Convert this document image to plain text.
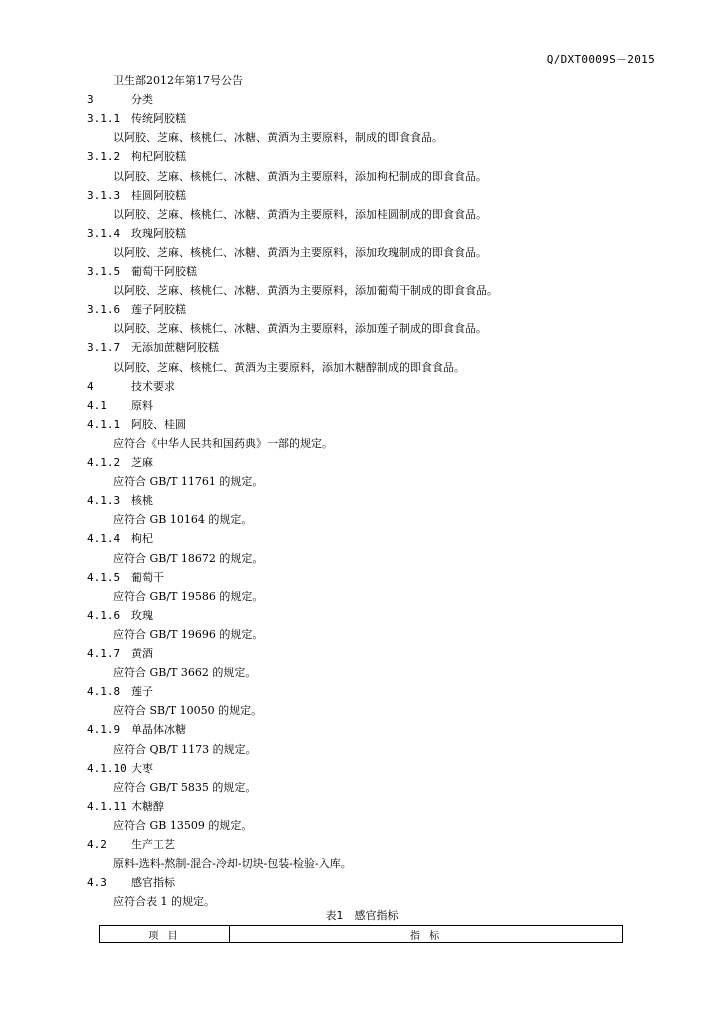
Q/DXT0009S－2015
卫生部2012年第17号公告
3	分类
3.1.1 传统阿胶糕
以阿胶、芝麻、核桃仁、冰糖、黄酒为主要原料，制成的即食食品。
3.1.2 枸杞阿胶糕
以阿胶、芝麻、核桃仁、冰糖、黄酒为主要原料，添加枸杞制成的即食食品。
3.1.3 桂圆阿胶糕
以阿胶、芝麻、核桃仁、冰糖、黄酒为主要原料，添加桂圆制成的即食食品。
3.1.4 玫瑰阿胶糕
以阿胶、芝麻、核桃仁、冰糖、黄酒为主要原料，添加玫瑰制成的即食食品。
3.1.5 葡萄干阿胶糕
以阿胶、芝麻、核桃仁、冰糖、黄酒为主要原料，添加葡萄干制成的即食食品。
3.1.6 莲子阿胶糕
以阿胶、芝麻、核桃仁、冰糖、黄酒为主要原料，添加莲子制成的即食食品。
3.1.7 无添加蔗糖阿胶糕
以阿胶、芝麻、核桃仁、黄酒为主要原料，添加木糖醇制成的即食食品。
4	技术要求
4.1 原料
4.1.1 阿胶、桂圆
应符合《中华人民共和国药典》一部的规定。
4.1.2 芝麻
应符合 GB/T 11761 的规定。
4.1.3 核桃
应符合 GB 10164 的规定。
4.1.4 枸杞
应符合 GB/T 18672 的规定。
4.1.5 葡萄干
应符合 GB/T 19586 的规定。
4.1.6 玫瑰
应符合 GB/T 19696 的规定。
4.1.7 黄酒
应符合 GB/T 3662 的规定。
4.1.8 莲子
应符合 SB/T 10050 的规定。
4.1.9 单晶体冰糖
应符合 QB/T 1173 的规定。
4.1.10 大枣
应符合 GB/T 5835 的规定。
4.1.11 木糖醇
应符合 GB 13509 的规定。
4.2 生产工艺
原料-选料-熬制-混合-冷却-切块-包装-检验-入库。
4.3 感官指标
应符合表 1 的规定。
表1　感官指标
项 目	指 标
